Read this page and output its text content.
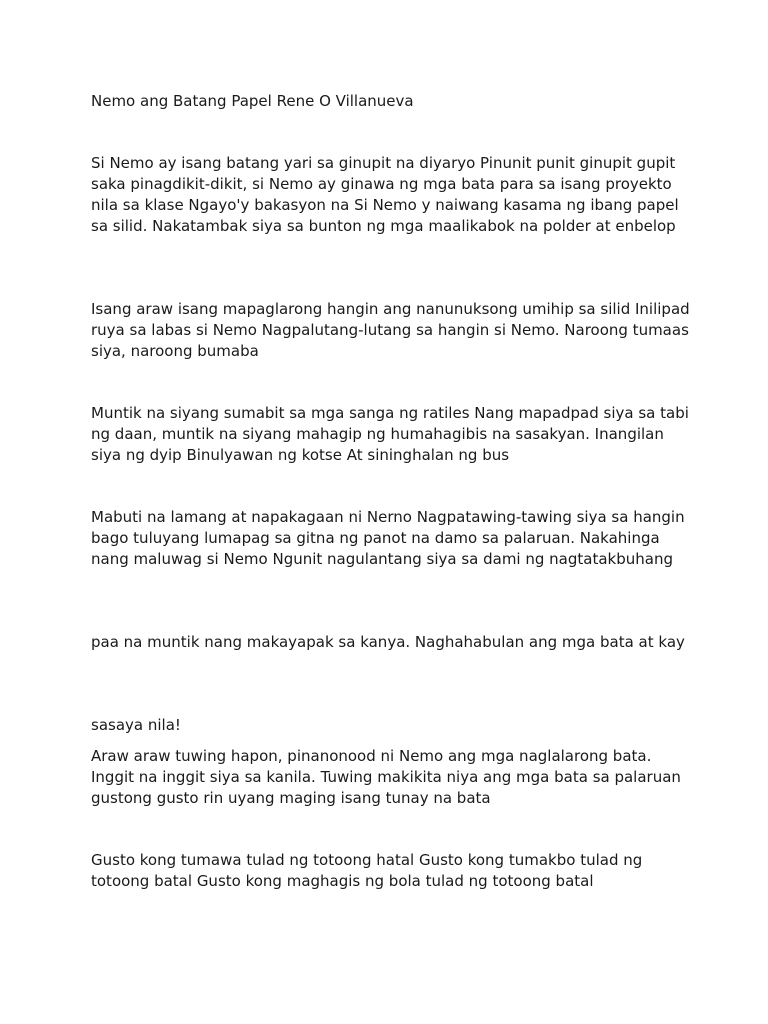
Nemo ang Batang Papel Rene O Villanueva

Si Nemo ay isang batang yari sa ginupit na diyaryo Pinunit punit ginupit gupit saka pinagdikit-dikit, si Nemo ay ginawa ng mga bata para sa isang proyekto nila sa klase Ngayo'y bakasyon na Si Nemo y naiwang kasama ng ibang papel sa silid. Nakatambak siya sa bunton ng mga maalikabok na polder at enbelop

Isang araw isang mapaglarong hangin ang nanunuksong umihip sa silid Inilipad ruya sa labas si Nemo Nagpalutang-lutang sa hangin si Nemo. Naroong tumaas siya, naroong bumaba

Muntik na siyang sumabit sa mga sanga ng ratiles Nang mapadpad siya sa tabi ng daan, muntik na siyang mahagip ng humahagibis na sasakyan. Inangilan siya ng dyip Binulyawan ng kotse At sininghalan ng bus

Mabuti na lamang at napakagaan ni Nerno Nagpatawing-tawing siya sa hangin bago tuluyang lumapag sa gitna ng panot na damo sa palaruan. Nakahinga nang maluwag si Nemo Ngunit nagulantang siya sa dami ng nagtatakbuhang

paa na muntik nang makayapak sa kanya. Naghahabulan ang mga bata at kay

sasaya nila!

Araw araw tuwing hapon, pinanonood ni Nemo ang mga naglalarong bata. Inggit na inggit siya sa kanila. Tuwing makikita niya ang mga bata sa palaruan gustong gusto rin uyang maging isang tunay na bata

Gusto kong tumawa tulad ng totoong hatal Gusto kong tumakbo tulad ng totoong batal Gusto kong maghagis ng bola tulad ng totoong batal
